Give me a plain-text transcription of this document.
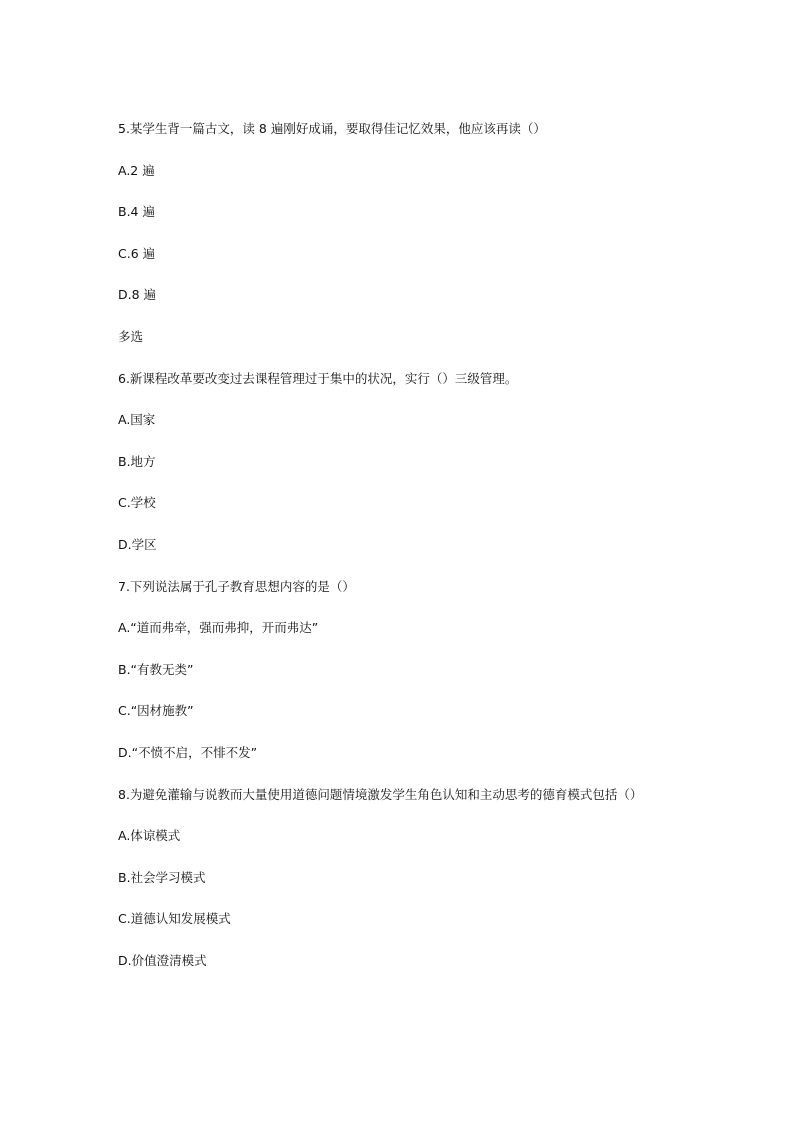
5.某学生背一篇古文，读 8 遍刚好成诵，要取得佳记忆效果，他应该再读（）

A.2 遍

B.4 遍

C.6 遍

D.8 遍

多选

6.新课程改革要改变过去课程管理过于集中的状况，实行（）三级管理。

A.国家

B.地方

C.学校

D.学区

7.下列说法属于孔子教育思想内容的是（）

A.“道而弗牵，强而弗抑，开而弗达”

B.“有教无类”

C.“因材施教”

D.“不愤不启，不悱不发”

8.为避免灌输与说教而大量使用道德问题情境激发学生角色认知和主动思考的德育模式包括（）

A.体谅模式

B.社会学习模式

C.道德认知发展模式

D.价值澄清模式
